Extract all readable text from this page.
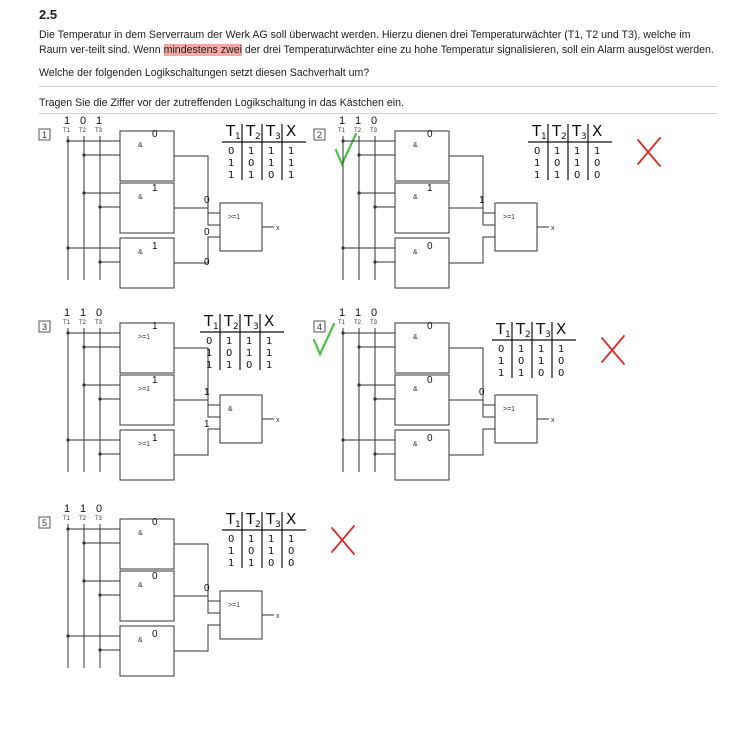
2.5
Die Temperatur in dem Serverraum der Werk AG soll überwacht werden. Hierzu dienen drei Temperaturwächter (T1, T2 und T3), welche im Raum ver-teilt sind. Wenn mindestens zwei der drei Temperaturwächter eine zu hohe Temperatur signalisieren, soll ein Alarm ausgelöst werden.
Welche der folgenden Logikschaltungen setzt diesen Sachverhalt um?
Tragen Sie die Ziffer vor der zutreffenden Logikschaltung in das Kästchen ein.
1	T1 T2 T3
&
&
&
>=1
x
1 0 1
0
1
1
0
0
0
T 1 T 2 T 3 X
0 1 1 1
1 0 1 1
1 1 0 1
2	T1 T2 T3
&
&
&
>=1
x
1 1 0
0
1
0
1
T 1 T 2 T 3 X
0 1 1 1
1 0 1 0
1 1 0 0
3	T1 T2 T3
>=1
>=1
>=1
&
x
1 1 0
1
1
1
1
1
T 1 T 2 T 3 X
0 1 1 1
1 0 1 1
1 1 0 1
4	T1 T2 T3
&
&
&
>=1
x
1 1 0
0
0
0
0
T 1 T 2 T 3 X
0 1 1 1
1 0 1 0
1 1 0 0
5	T1 T2 T3
&
&
&
>=1
x
1 1 0
0
0
0
0
T 1 T 2 T 3 X
0 1 1 1
1 0 1 0
1 1 0 0
